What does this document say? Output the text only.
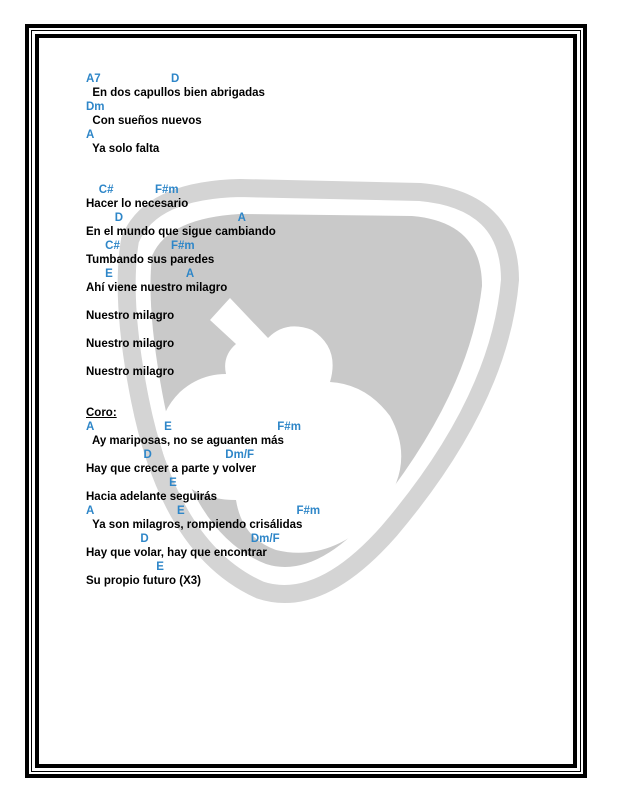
A7                      D
En dos capullos bien abrigadas
Dm
Con sueños nuevos
A
Ya solo falta
C#             F#m
Hacer lo necesario
D                                    A
En el mundo que sigue cambiando
C#                F#m
Tumbando sus paredes
E                       A
Ahí viene nuestro milagro
Nuestro milagro
Nuestro milagro
Nuestro milagro
Coro:
A                      E                                 F#m
Ay mariposas, no se aguanten más
D                       Dm/F
Hay que crecer a parte y volver
E
Hacia adelante seguirás
A                          E                                   F#m
Ya son milagros, rompiendo crisálidas
D                                Dm/F
Hay que volar, hay que encontrar
E
Su propio futuro (X3)
